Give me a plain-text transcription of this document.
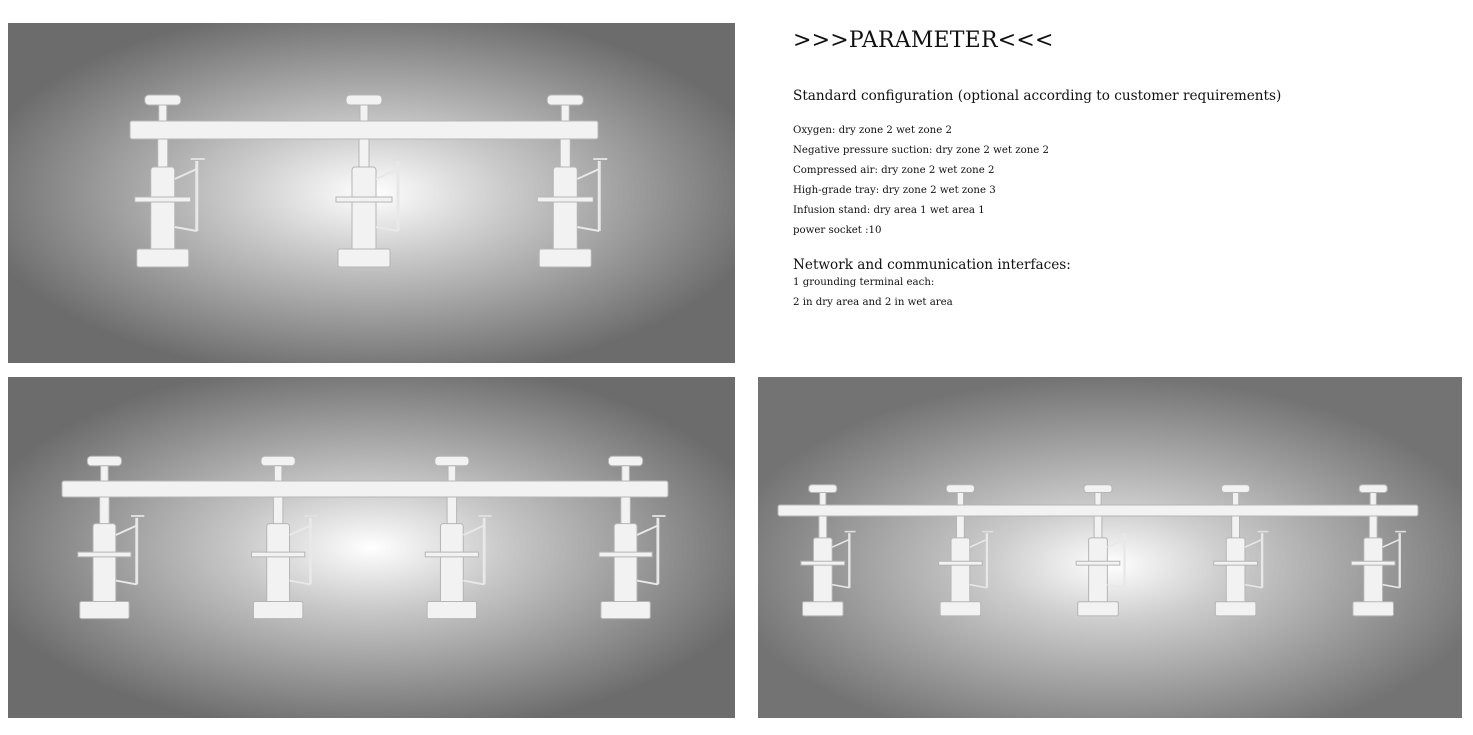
>>>PARAMETER<<<

Standard configuration (optional according to customer requirements)

Oxygen: dry zone 2 wet zone 2

Negative pressure suction: dry zone 2 wet zone 2

Compressed air: dry zone 2 wet zone 2

High-grade tray: dry zone 2 wet zone 3

Infusion stand: dry area 1 wet area 1

power socket :10

Network and communication interfaces:

1 grounding terminal each:

2 in dry area and 2 in wet area
